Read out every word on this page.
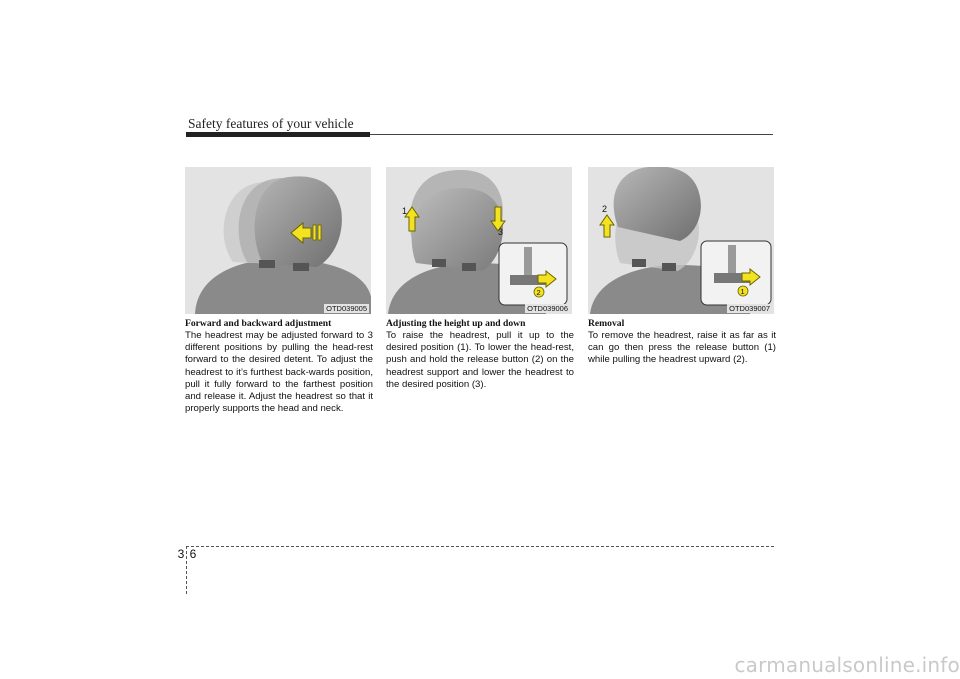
Safety features of your vehicle
OTD039005
1
3
2
OTD039006
2
1
OTD039007
Forward and backward adjustment

The headrest may be adjusted forward to 3 different positions by pulling the head-rest forward to the desired detent. To adjust the headrest to it’s furthest back-wards position, pull it fully forward to the farthest position and release it. Adjust the headrest so that it properly supports the head and neck.

Adjusting the height up and down

To raise the headrest, pull it up to the desired position (1). To lower the head-rest, push and hold the release button (2) on the headrest support and lower the headrest to the desired position (3).

Removal

To remove the headrest, raise it as far as it can go then press the release button (1) while pulling the headrest upward (2).

3 6
carmanualsonline.info
